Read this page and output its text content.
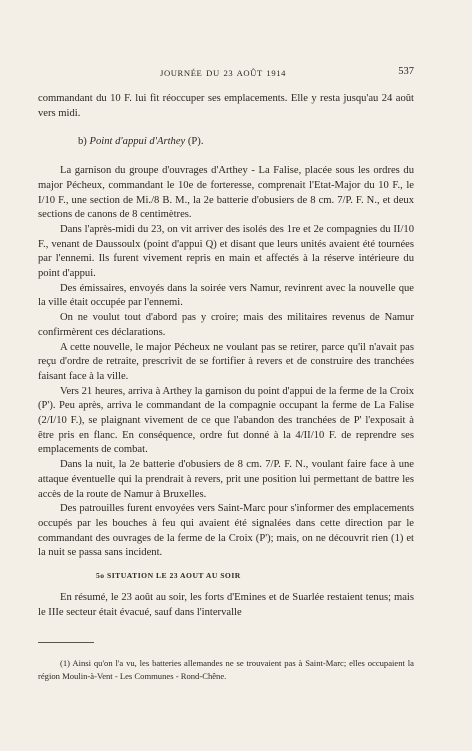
JOURNÉE DU 23 AOÛT 1914	537

commandant du 10 F. lui fit réoccuper ses emplacements. Elle y resta jusqu'au 24 août vers midi.

b) Point d'appui d'Arthey (P).

La garnison du groupe d'ouvrages d'Arthey - La Falise, placée sous les ordres du major Pécheux, commandant le 10e de forteresse, comprenait l'Etat-Major du 10 F., le I/10 F., une section de Mi./8 B. M., la 2e batterie d'obusiers de 8 cm. 7/P. F. N., et deux sections de canons de 8 centimètres.

Dans l'après-midi du 23, on vit arriver des isolés des 1re et 2e compagnies du II/10 F., venant de Daussoulx (point d'appui Q) et disant que leurs unités avaient été tournées par l'ennemi. Ils furent vivement repris en main et affectés à la réserve intérieure du point d'appui.

Des émissaires, envoyés dans la soirée vers Namur, revinrent avec la nouvelle que la ville était occupée par l'ennemi.

On ne voulut tout d'abord pas y croire; mais des militaires revenus de Namur confirmèrent ces déclarations.

A cette nouvelle, le major Pécheux ne voulant pas se retirer, parce qu'il n'avait pas reçu d'ordre de retraite, prescrivit de se fortifier à revers et de construire des tranchées faisant face à la ville.

Vers 21 heures, arriva à Arthey la garnison du point d'appui de la ferme de la Croix (P'). Peu après, arriva le commandant de la compagnie occupant la ferme de La Falise (2/I/10 F.), se plaignant vivement de ce que l'abandon des tranchées de P' l'exposait à être pris en flanc. En conséquence, ordre fut donné à la 4/II/10 F. de reprendre ses emplacements de combat.

Dans la nuit, la 2e batterie d'obusiers de 8 cm. 7/P. F. N., voulant faire face à une attaque éventuelle qui la prendrait à revers, prit une position lui permettant de battre les accès de la route de Namur à Bruxelles.

Des patrouilles furent envoyées vers Saint-Marc pour s'informer des emplacements occupés par les bouches à feu qui avaient été signalées dans cette direction par le commandant des ouvrages de la ferme de la Croix (P'); mais, on ne découvrit rien (1) et la nuit se passa sans incident.

5o SITUATION LE 23 AOUT AU SOIR

En résumé, le 23 août au soir, les forts d'Emines et de Suarlée restaient tenus; mais le IIIe secteur était évacué, sauf dans l'intervalle

(1) Ainsi qu'on l'a vu, les batteries allemandes ne se trouvaient pas à Saint-Marc; elles occupaient la région Moulin-à-Vent - Les Communes - Rond-Chêne.
